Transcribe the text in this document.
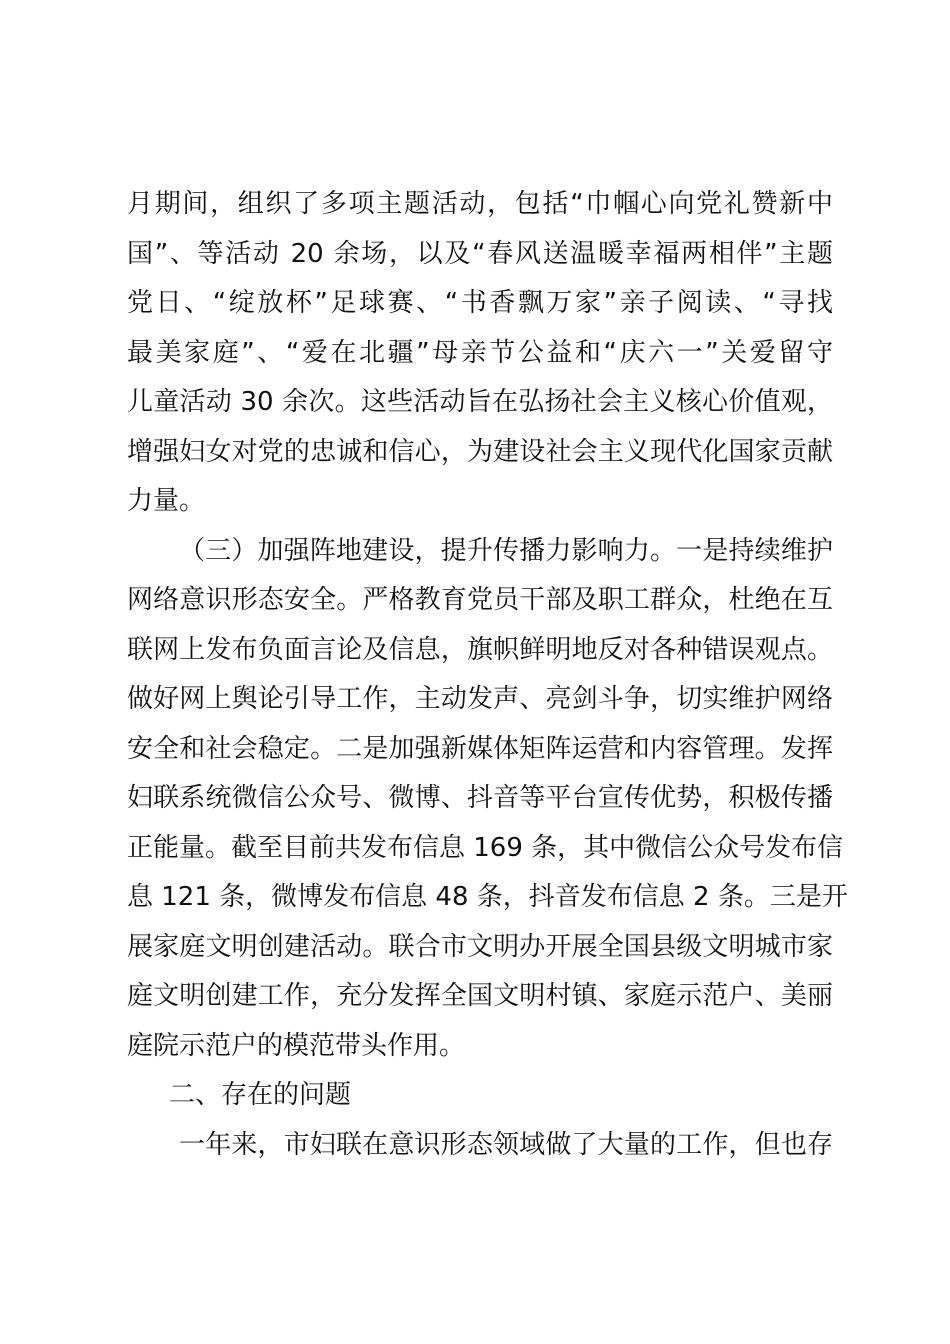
月期间，组织了多项主题活动，包括“巾帼心向党礼赞新中
国”、等活动 20 余场，以及“春风送温暖幸福两相伴”主题
党日、“绽放杯”足球赛、“书香飘万家”亲子阅读、“寻找
最美家庭”、“爱在北疆”母亲节公益和“庆六一”关爱留守
儿童活动 30 余次。这些活动旨在弘扬社会主义核心价值观，
增强妇女对党的忠诚和信心，为建设社会主义现代化国家贡献
力量。
（三）加强阵地建设，提升传播力影响力。一是持续维护
网络意识形态安全。严格教育党员干部及职工群众，杜绝在互
联网上发布负面言论及信息，旗帜鲜明地反对各种错误观点。
做好网上舆论引导工作，主动发声、亮剑斗争，切实维护网络
安全和社会稳定。二是加强新媒体矩阵运营和内容管理。发挥
妇联系统微信公众号、微博、抖音等平台宣传优势，积极传播
正能量。截至目前共发布信息 169 条，其中微信公众号发布信
息 121 条，微博发布信息 48 条，抖音发布信息 2 条。三是开
展家庭文明创建活动。联合市文明办开展全国县级文明城市家
庭文明创建工作，充分发挥全国文明村镇、家庭示范户、美丽
庭院示范户的模范带头作用。
二、存在的问题
一年来，市妇联在意识形态领域做了大量的工作，但也存
